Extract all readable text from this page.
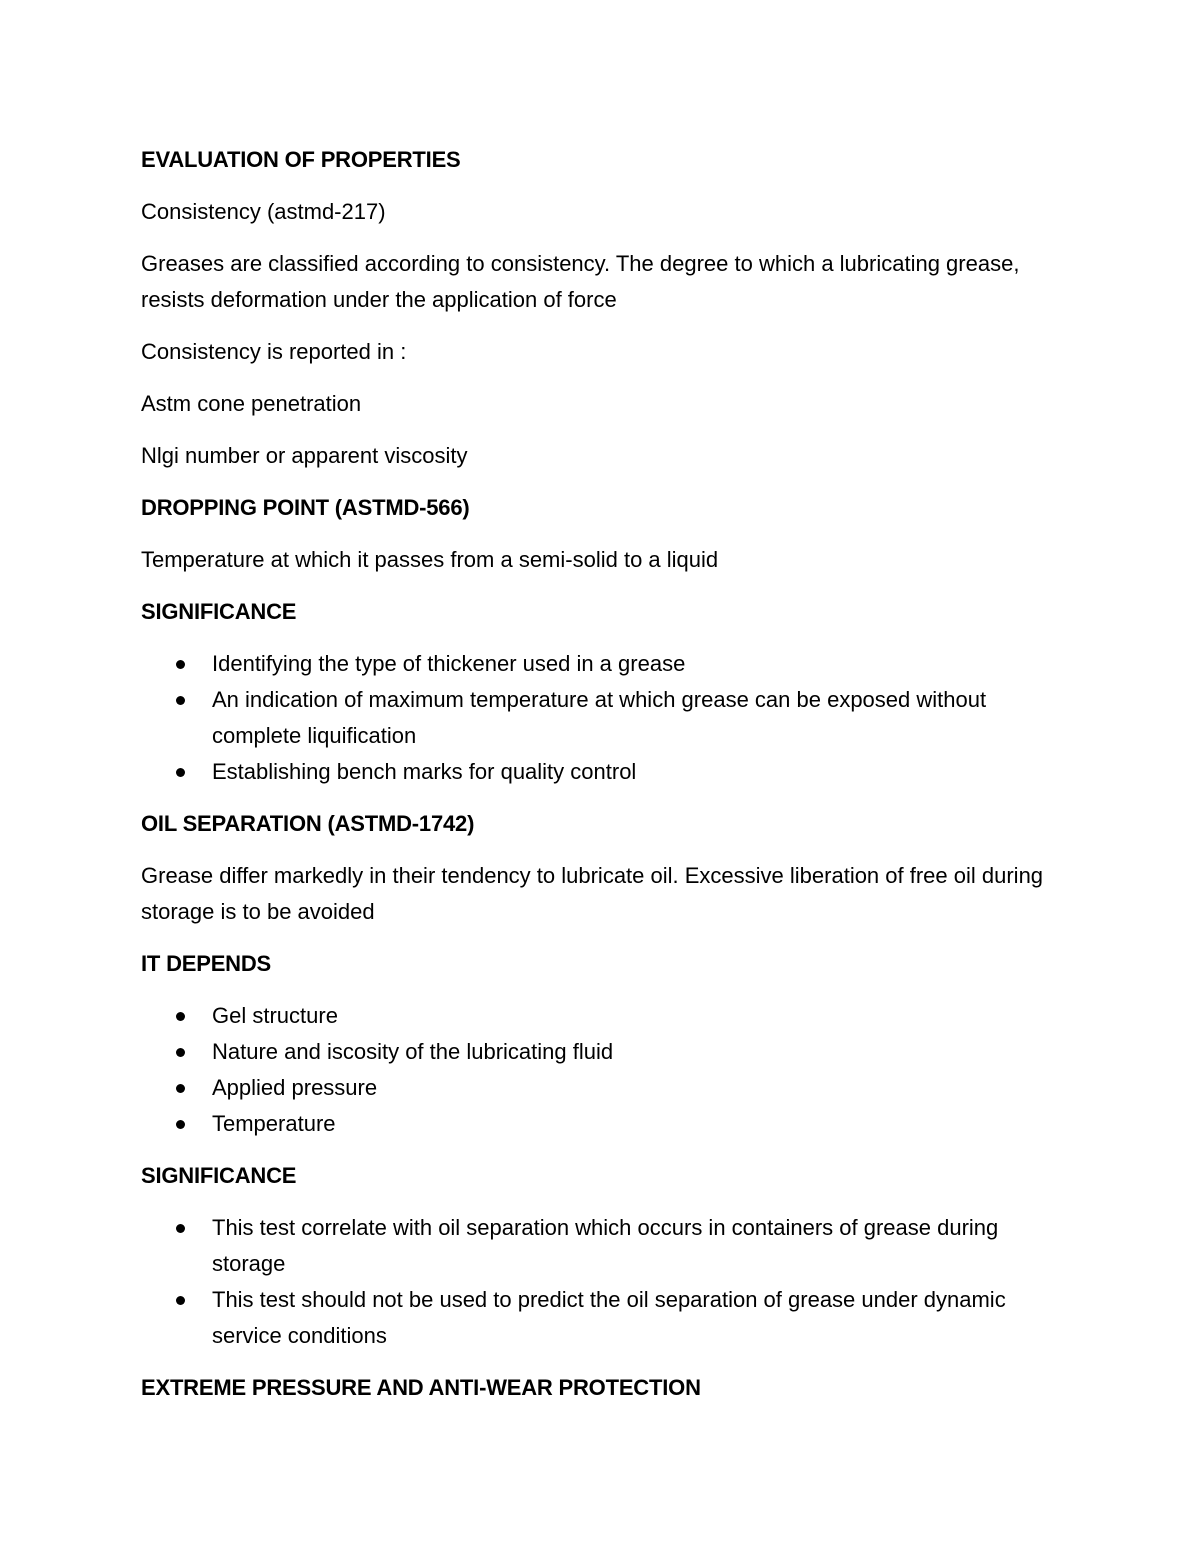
EVALUATION OF PROPERTIES
Consistency (astmd-217)
Greases are classified according to consistency. The degree to which a lubricating grease, resists deformation under the application of force
Consistency is reported in :
Astm cone penetration
Nlgi number or apparent viscosity
DROPPING POINT (ASTMD-566)
Temperature at which it passes from a semi-solid to a liquid
SIGNIFICANCE
Identifying the type of thickener used in a grease
An indication of maximum temperature at which grease can be exposed without complete liquification
Establishing bench marks for quality control
OIL SEPARATION (ASTMD-1742)
Grease differ markedly in their tendency to lubricate oil. Excessive liberation of free oil during storage is to be avoided
IT DEPENDS
Gel structure
Nature and iscosity of the lubricating fluid
Applied pressure
Temperature
SIGNIFICANCE
This test correlate with oil separation which occurs in containers of grease during storage
This test should not be used to predict the oil separation of grease under dynamic service conditions
EXTREME PRESSURE AND ANTI-WEAR PROTECTION
